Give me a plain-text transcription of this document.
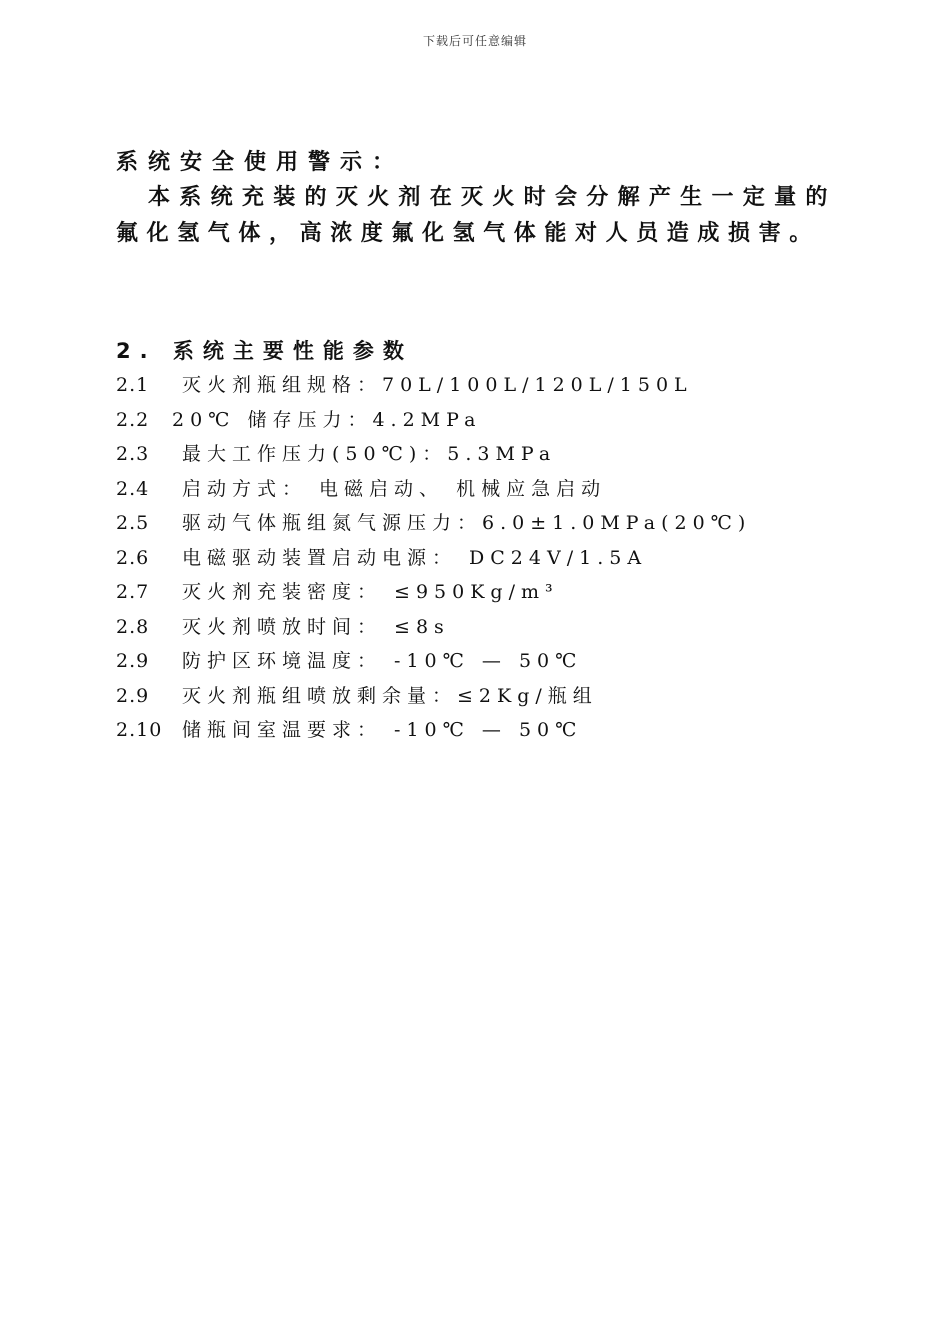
下载后可任意编辑

系统安全使用警示：

本系统充装的灭火剂在灭火时会分解产生一定量的氟化氢气体，高浓度氟化氢气体能对人员造成损害。

2. 系统主要性能参数

2.1	灭火剂瓶组规格：70L/100L/120L/150L
2.2	20℃ 储存压力：4.2MPa
2.3	最大工作压力(50℃)：5.3MPa
2.4	启动方式： 电磁启动、 机械应急启动
2.5	驱动气体瓶组氮气源压力：6.0±1.0MPa(20℃)
2.6	电磁驱动装置启动电源： DC24V/1.5A
2.7	灭火剂充装密度： ≤950Kg/m³
2.8	灭火剂喷放时间： ≤8s
2.9	防护区环境温度： -10℃ — 50℃
2.9	灭火剂瓶组喷放剩余量：≤2Kg/瓶组
2.10	储瓶间室温要求： -10℃ — 50℃
